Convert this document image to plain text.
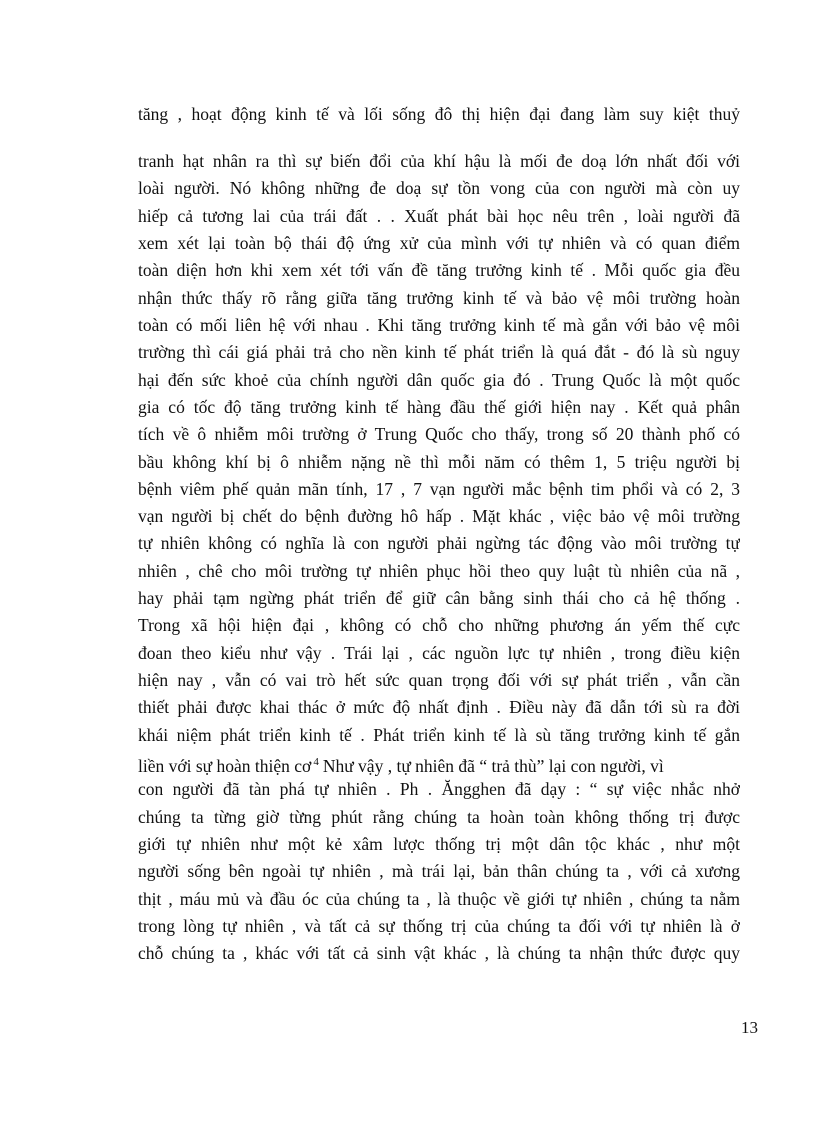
tăng , hoạt động kinh tế và lối sống đô thị hiện đại đang làm suy kiệt thuỷ
tranh hạt nhân ra thì sự biến đổi của khí hậu là mối đe doạ lớn nhất đối với
loài người. Nó không những đe doạ sự tồn vong của con người mà còn uy
hiếp cả tương lai của trái đất . . Xuất phát bài học nêu trên , loài người đã
xem xét lại toàn bộ thái độ ứng xử của mình với tự nhiên và có quan điểm
toàn diện hơn khi xem xét tới vấn đề tăng trưởng kinh tế . Mỗi quốc gia đều
nhận thức thấy rõ rằng giữa tăng trưởng kinh tế và bảo vệ môi trường hoàn
toàn có mối liên hệ với nhau . Khi tăng trưởng kinh tế mà gắn với bảo vệ môi
trường thì cái giá phải trả cho nền kinh tế phát triển là quá đắt - đó là sù nguy
hại đến sức khoẻ của chính người dân quốc gia đó . Trung Quốc là một quốc
gia có tốc độ tăng trưởng kinh tế hàng đầu thế giới hiện nay . Kết quả phân
tích về ô nhiễm môi trường ở Trung Quốc cho thấy, trong số 20 thành phố có
bầu không khí bị ô nhiễm nặng nề thì mỗi năm có thêm 1, 5 triệu người bị
bệnh viêm phế quản mãn tính, 17 , 7 vạn người mắc bệnh tim phổi và có 2, 3
vạn người bị chết do bệnh đường hô hấp . Mặt khác , việc bảo vệ môi trường
tự nhiên không có nghĩa là con người phải ngừng tác động vào môi trường tự
nhiên , chê cho môi trường tự nhiên phục hồi theo quy luật tù nhiên của nã ,
hay phải tạm ngừng phát triển để giữ cân bằng sinh thái cho cả hệ thống .
Trong xã hội hiện đại , không có chỗ cho những phương án yếm thế cực
đoan theo kiểu như vậy . Trái lại , các nguồn lực tự nhiên , trong điều kiện
hiện nay , vẫn có vai trò hết sức quan trọng đối với sự phát triển , vẫn cần
thiết phải được khai thác ở mức độ nhất định . Điều này đã dẫn tới sù ra đời
khái niệm phát triển kinh tế . Phát triển kinh tế là sù tăng trưởng kinh tế gắn
liền với sự hoàn thiện cơ $^4$ Như vậy , tự nhiên đã “ trả thù” lại con người, vì
con người đã tàn phá tự nhiên . Ph . Ăngghen đã dạy : “ sự việc nhắc nhở
chúng ta từng giờ từng phút rằng chúng ta hoàn toàn không thống trị được
giới tự nhiên như một kẻ xâm lược thống trị một dân tộc khác , như một
người sống bên ngoài tự nhiên , mà trái lại, bản thân chúng ta , với cả xương
thịt , máu mủ và đầu óc của chúng ta , là thuộc về giới tự nhiên , chúng ta nằm
trong lòng tự nhiên , và tất cả sự thống trị của chúng ta đối với tự nhiên là ở
chỗ chúng ta , khác với tất cả sinh vật khác , là chúng ta nhận thức được quy
13
